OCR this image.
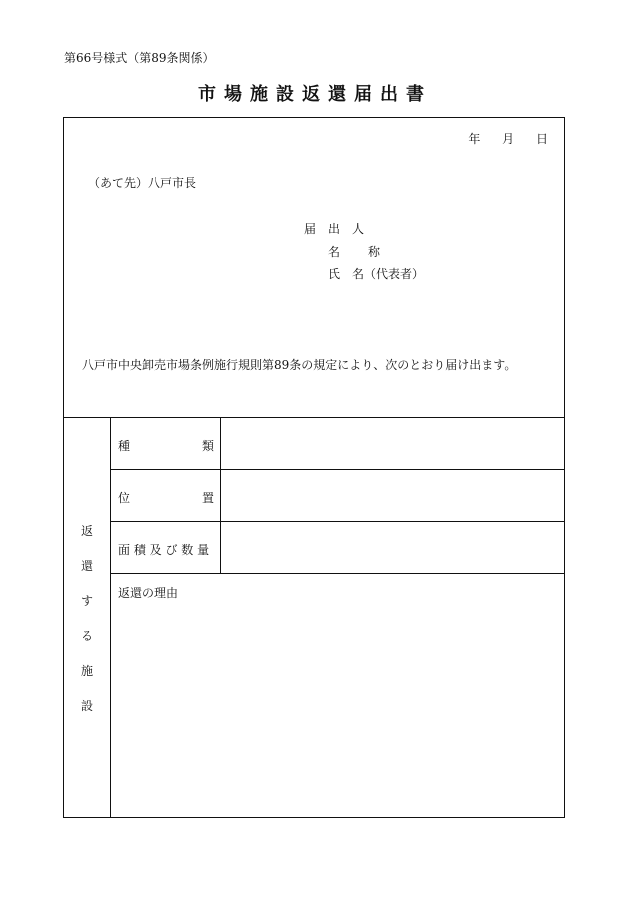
第66号様式（第89条関係）
市場施設返還届出書
年 月 日
（あて先）八戸市長
届出人
名称
氏　名（代表者）
八戸市中央卸売市場条例施行規則第89条の規定により、次のとおり届け出ます。
返
還
す
る
施
設
種　　　　　　類
位　　　　　　置
面 積 及 び 数 量
返還の理由
